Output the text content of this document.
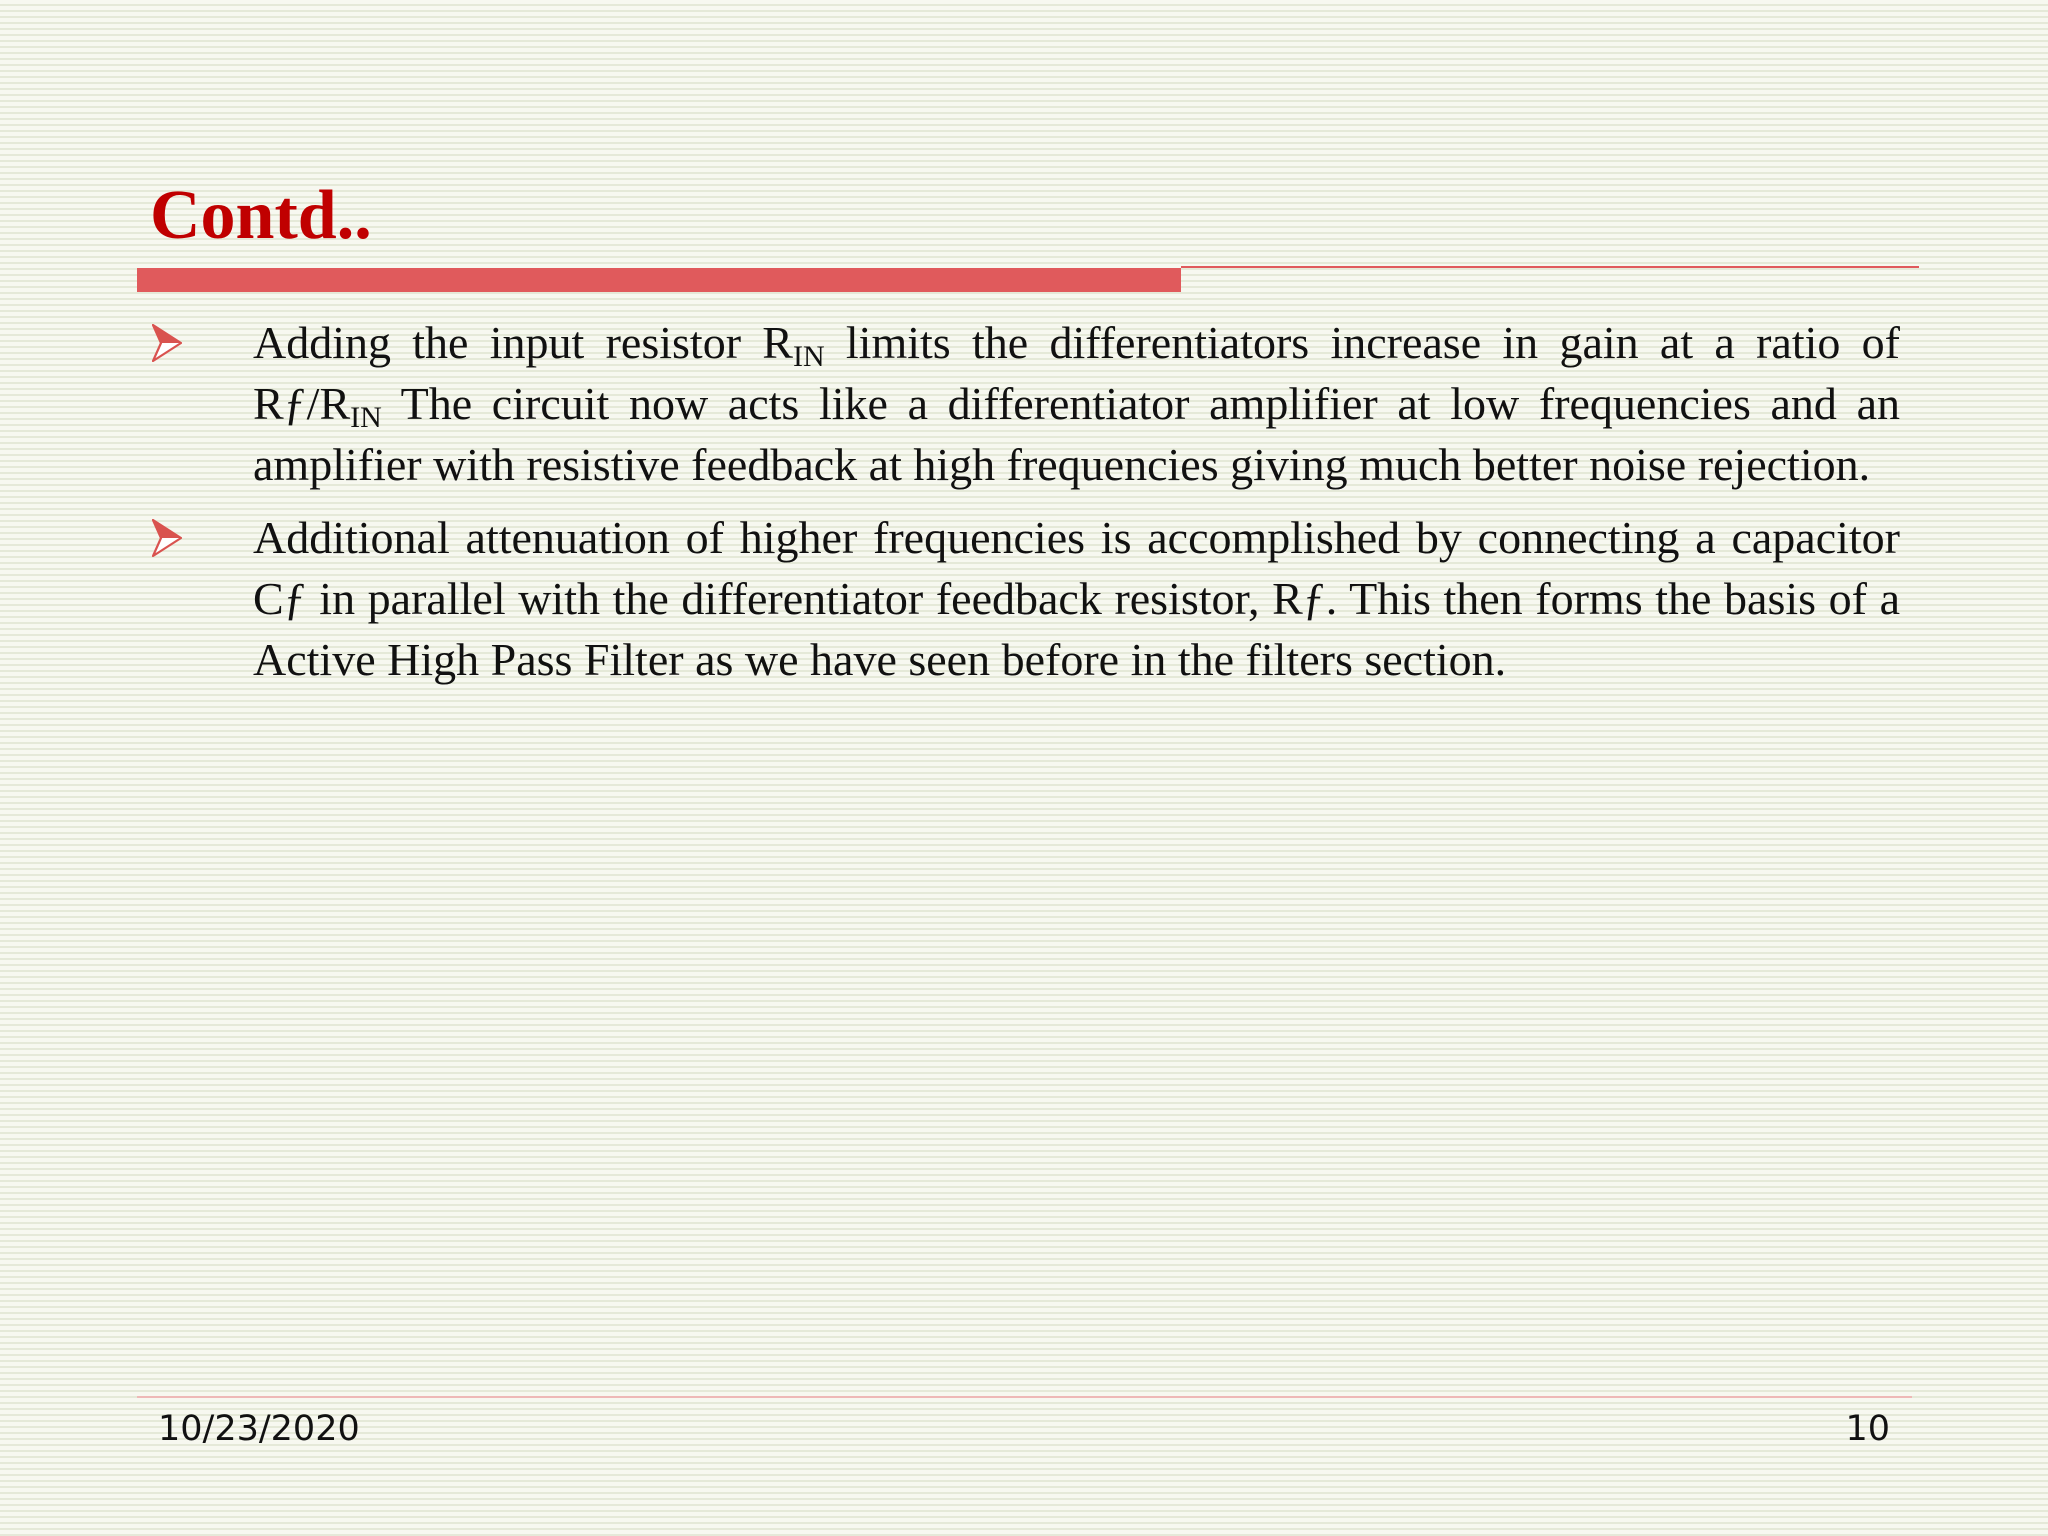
Contd..
Adding the input resistor $R_{IN}$ limits the differentiators increase in gain at a ratio of $Rƒ/R_{IN}$ The circuit now acts like a differentiator amplifier at low frequencies and an amplifier with resistive feedback at high frequencies giving much better noise rejection.
Additional attenuation of higher frequencies is accomplished by connecting a capacitor Cƒ in parallel with the differentiator feedback resistor, Rƒ. This then forms the basis of a Active High Pass Filter as we have seen before in the filters section.
10/23/2020	10
